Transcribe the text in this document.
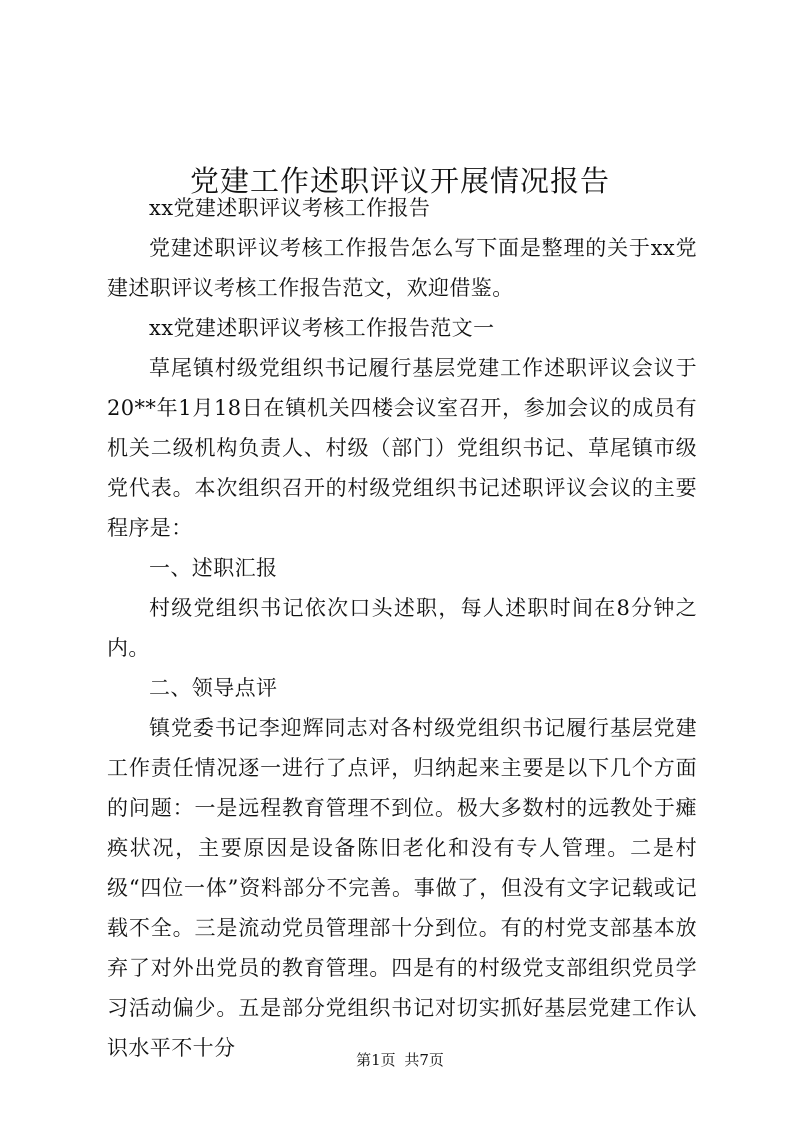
党建工作述职评议开展情况报告

xx党建述职评议考核工作报告

党建述职评议考核工作报告怎么写下面是整理的关于xx党建述职评议考核工作报告范文，欢迎借鉴。

xx党建述职评议考核工作报告范文一

草尾镇村级党组织书记履行基层党建工作述职评议会议于20**年1月18日在镇机关四楼会议室召开，参加会议的成员有机关二级机构负责人、村级（部门）党组织书记、草尾镇市级党代表。本次组织召开的村级党组织书记述职评议会议的主要程序是：

一、述职汇报

村级党组织书记依次口头述职，每人述职时间在8分钟之内。

二、领导点评

镇党委书记李迎辉同志对各村级党组织书记履行基层党建工作责任情况逐一进行了点评，归纳起来主要是以下几个方面的问题：一是远程教育管理不到位。极大多数村的远教处于瘫痪状况，主要原因是设备陈旧老化和没有专人管理。二是村级“四位一体”资料部分不完善。事做了，但没有文字记载或记载不全。三是流动党员管理部十分到位。有的村党支部基本放弃了对外出党员的教育管理。四是有的村级党支部组织党员学习活动偏少。五是部分党组织书记对切实抓好基层党建工作认识水平不十分	第1页 共7页
